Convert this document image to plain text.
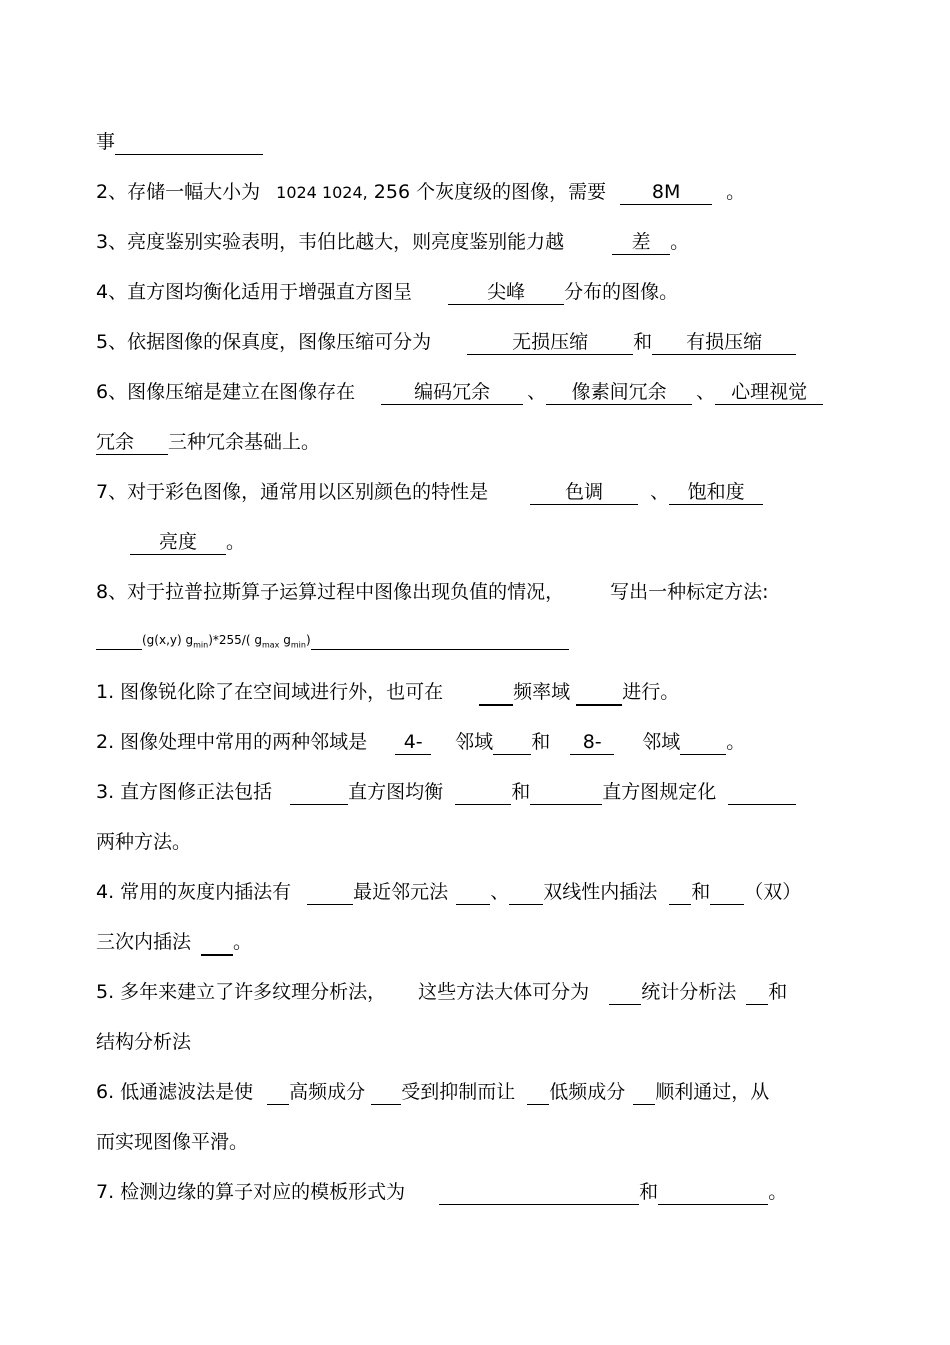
事
2、存储一幅大小为 1024 1024, 256 个灰度级的图像，需要 8M 。
3、亮度鉴别实验表明，韦伯比越大，则亮度鉴别能力越	差 。
4、直方图均衡化适用于增强直方图呈	尖峰 分布的图像。
5、依据图像的保真度，图像压缩可分为	无损压缩 和 有损压缩
6、图像压缩是建立在图像存在	编码冗余 、 像素间冗余 、 心理视觉
冗余 三种冗余基础上。
7、对于彩色图像，通常用以区别颜色的特性是	色调 、 饱和度
亮度 。
8、对于拉普拉斯算子运算过程中图像出现负值的情况， 写出一种标定方法:
(g(x,y) $g_{min})*255/$( $g_{max}$ $g_{min}$)
1. 图像锐化除了在空间域进行外，也可在	频率域	进行。
2. 图像处理中常用的两种邻域是 4- 邻域 和 8- 邻域 。
3. 直方图修正法包括	直方图均衡	和	直方图规定化
两种方法。
4. 常用的灰度内插法有	最近邻元法 、 双线性内插法 和 （双）
三次内插法 。
5. 多年来建立了许多纹理分析法， 这些方法大体可分为	统计分析法 和
结构分析法
6. 低通滤波法是使 高频成分 受到抑制而让 低频成分 顺利通过，从
而实现图像平滑。
7. 检测边缘的算子对应的模板形式为	和	。
